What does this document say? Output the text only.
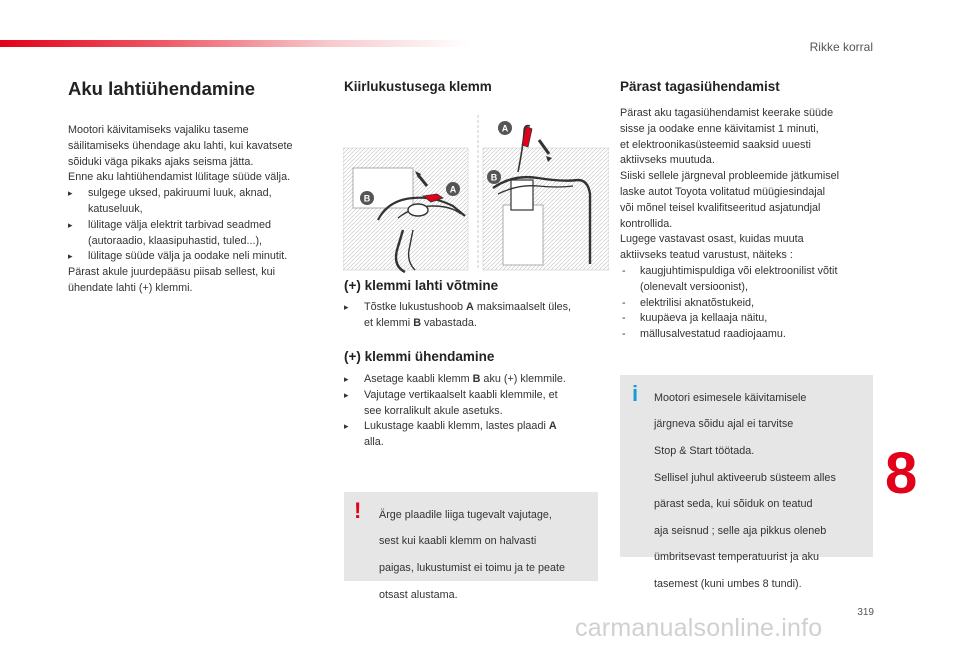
Rikke korral
Aku lahtiühendamine

Mootori käivitamiseks vajaliku taseme

säilitamiseks ühendage aku lahti, kui kavatsete

sõiduki väga pikaks ajaks seisma jätta.

Enne aku lahtiühendamist lülitage süüde välja.

▸	sulgege uksed, pakiruumi luuk, aknad,

katuseluuk,

▸	lülitage välja elektrit tarbivad seadmed

(autoraadio, klaasipuhastid, tuled...),

▸	lülitage süüde välja ja oodake neli minutit.

Pärast akule juurdepääsu piisab sellest, kui

ühendate lahti (+) klemmi.

Kiirlukustusega klemm
A
B
A
B
(+) klemmi lahti võtmine
▸	Tõstke lukustushoob A maksimaalselt üles,

et klemmi B vabastada.

(+) klemmi ühendamine
▸	Asetage kaabli klemm B aku (+) klemmile.

▸	Vajutage vertikaalselt kaabli klemmile, et

see korralikult akule asetuks.

▸	Lukustage kaabli klemm, lastes plaadi A

alla.

! Ärge plaadile liiga tugevalt vajutage,

sest kui kaabli klemm on halvasti

paigas, lukustumist ei toimu ja te peate

otsast alustama.

Pärast tagasiühendamist

Pärast aku tagasiühendamist keerake süüde

sisse ja oodake enne käivitamist 1 minuti,

et elektroonikasüsteemid saaksid uuesti

aktiivseks muutuda.

Siiski sellele järgneval probleemide jätkumisel

laske autot Toyota volitatud müügiesindajal

või mõnel teisel kvalifitseeritud asjatundjal

kontrollida.

Lugege vastavast osast, kuidas muuta

aktiivseks teatud varustust, näiteks :

- kaugjuhtimispuldiga või elektroonilist võtit

(olenevalt versioonist),

- elektrilisi aknatõstukeid,

- kuupäeva ja kellaaja näitu,

- mällusalvestatud raadiojaamu.

i Mootori esimesele käivitamisele

järgneva sõidu ajal ei tarvitse

Stop & Start töötada.

Sellisel juhul aktiveerub süsteem alles

pärast seda, kui sõiduk on teatud

aja seisnud ; selle aja pikkus oleneb

ümbritsevast temperatuurist ja aku

tasemest (kuni umbes 8 tundi).

8
319
carmanualsonline.info
